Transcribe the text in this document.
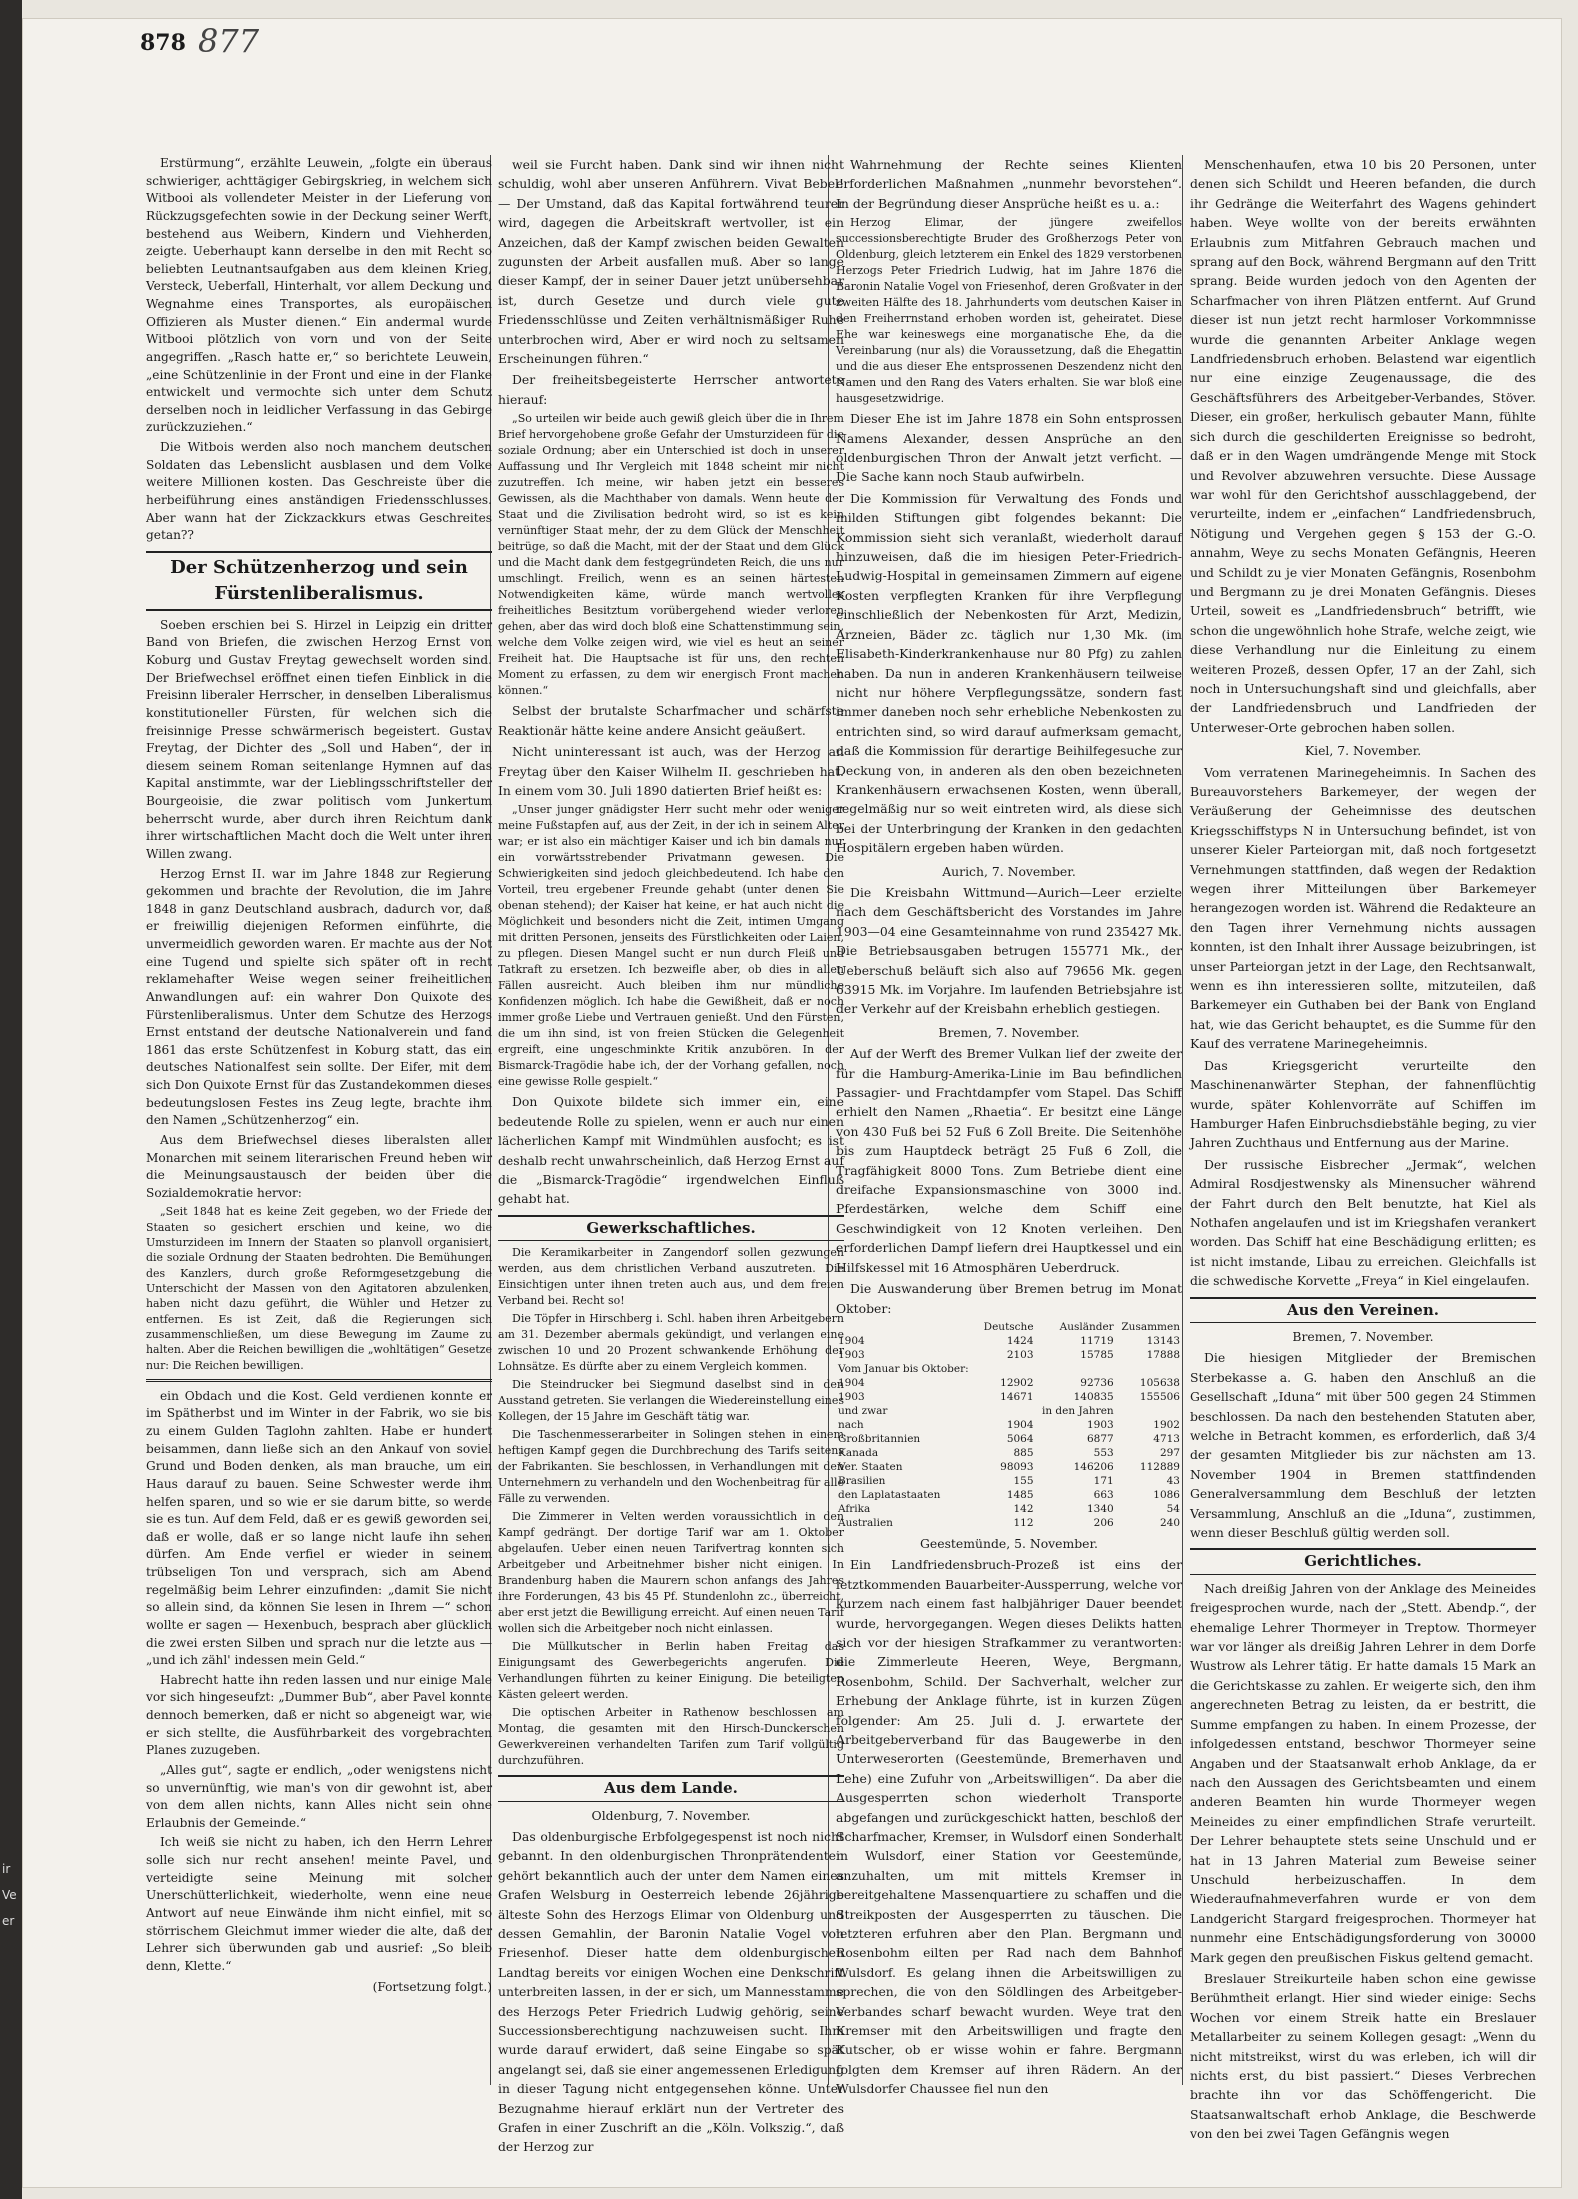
ir
Ve
er
878 877

Erstürmung“, erzählte Leuwein, „folgte ein überaus schwieriger, achttägiger Gebirgskrieg, in welchem sich Witbooi als vollendeter Meister in der Lieferung von Rückzugsgefechten sowie in der Deckung seiner Werft, bestehend aus Weibern, Kindern und Viehherden, zeigte. Ueberhaupt kann derselbe in den mit Recht so beliebten Leutnantsaufgaben aus dem kleinen Krieg, Versteck, Ueberfall, Hinterhalt, vor allem Deckung und Wegnahme eines Transportes, als europäischen Offizieren als Muster dienen.“ Ein andermal wurde Witbooi plötzlich von vorn und von der Seite angegriffen. „Rasch hatte er,“ so berichtete Leuwein, „eine Schützenlinie in der Front und eine in der Flanke entwickelt und vermochte sich unter dem Schutz derselben noch in leidlicher Verfassung in das Gebirge zurückzuziehen.“

Die Witbois werden also noch manchem deutschen Soldaten das Lebenslicht ausblasen und dem Volke weitere Millionen kosten. Das Geschreiste über die herbeiführung eines anständigen Friedensschlusses. Aber wann hat der Zickzackkurs etwas Geschreites getan??

Der Schützenherzog und sein Fürstenliberalismus.

Soeben erschien bei S. Hirzel in Leipzig ein dritter Band von Briefen, die zwischen Herzog Ernst von Koburg und Gustav Freytag gewechselt worden sind. Der Briefwechsel eröffnet einen tiefen Einblick in die Freisinn liberaler Herrscher, in denselben Liberalismus konstitutioneller Fürsten, für welchen sich die freisinnige Presse schwärmerisch begeistert. Gustav Freytag, der Dichter des „Soll und Haben“, der in diesem seinem Roman seitenlange Hymnen auf das Kapital anstimmte, war der Lieblingsschriftsteller der Bourgeoisie, die zwar politisch vom Junkertum beherrscht wurde, aber durch ihren Reichtum dank ihrer wirtschaftlichen Macht doch die Welt unter ihren Willen zwang.

Herzog Ernst II. war im Jahre 1848 zur Regierung gekommen und brachte der Revolution, die im Jahre 1848 in ganz Deutschland ausbrach, dadurch vor, daß er freiwillig diejenigen Reformen einführte, die unvermeidlich geworden waren. Er machte aus der Not eine Tugend und spielte sich später oft in recht reklamehafter Weise wegen seiner freiheitlichen Anwandlungen auf: ein wahrer Don Quixote des Fürstenliberalismus. Unter dem Schutze des Herzogs Ernst entstand der deutsche Nationalverein und fand 1861 das erste Schützenfest in Koburg statt, das ein deutsches Nationalfest sein sollte. Der Eifer, mit dem sich Don Quixote Ernst für das Zustandekommen dieses bedeutungslosen Festes ins Zeug legte, brachte ihm den Namen „Schützenherzog“ ein.

Aus dem Briefwechsel dieses liberalsten aller Monarchen mit seinem literarischen Freund heben wir die Meinungsaustausch der beiden über die Sozialdemokratie hervor:

„Seit 1848 hat es keine Zeit gegeben, wo der Friede der Staaten so gesichert erschien und keine, wo die Umsturzideen im Innern der Staaten so planvoll organisiert, die soziale Ordnung der Staaten bedrohten. Die Bemühungen des Kanzlers, durch große Reformgesetzgebung die Unterschicht der Massen von den Agitatoren abzulenken, haben nicht dazu geführt, die Wühler und Hetzer zu entfernen. Es ist Zeit, daß die Regierungen sich zusammenschließen, um diese Bewegung im Zaume zu halten. Aber die Reichen bewilligen die „wohltätigen“ Gesetze nur: Die Reichen bewilligen.

ein Obdach und die Kost. Geld verdienen konnte er im Spätherbst und im Winter in der Fabrik, wo sie bis zu einem Gulden Taglohn zahlten. Habe er hundert beisammen, dann ließe sich an den Ankauf von soviel Grund und Boden denken, als man brauche, um ein Haus darauf zu bauen. Seine Schwester werde ihm helfen sparen, und so wie er sie darum bitte, so werde sie es tun. Auf dem Feld, daß er es gewiß geworden sei, daß er wolle, daß er so lange nicht laufe ihn sehen dürfen. Am Ende verfiel er wieder in seinem trübseligen Ton und versprach, sich am Abend regelmäßig beim Lehrer einzufinden: „damit Sie nicht so allein sind, da können Sie lesen in Ihrem —“ schon wollte er sagen — Hexenbuch, besprach aber glücklich die zwei ersten Silben und sprach nur die letzte aus — „und ich zähl' indessen mein Geld.“

Habrecht hatte ihn reden lassen und nur einige Male vor sich hingeseufzt: „Dummer Bub“, aber Pavel konnte dennoch bemerken, daß er nicht so abgeneigt war, wie er sich stellte, die Ausführbarkeit des vorgebrachten Planes zuzugeben.

„Alles gut“, sagte er endlich, „oder wenigstens nicht so unvernünftig, wie man's von dir gewohnt ist, aber von dem allen nichts, kann Alles nicht sein ohne Erlaubnis der Gemeinde.“

Ich weiß sie nicht zu haben, ich den Herrn Lehrer solle sich nur recht ansehen! meinte Pavel, und verteidigte seine Meinung mit solcher Unerschütterlichkeit, wiederholte, wenn eine neue Antwort auf neue Einwände ihm nicht einfiel, mit so störrischem Gleichmut immer wieder die alte, daß der Lehrer sich überwunden gab und ausrief: „So bleib denn, Klette.“

(Fortsetzung folgt.)

weil sie Furcht haben. Dank sind wir ihnen nicht schuldig, wohl aber unseren Anführern. Vivat Bebel! — Der Umstand, daß das Kapital fortwährend teurer wird, dagegen die Arbeitskraft wertvoller, ist ein Anzeichen, daß der Kampf zwischen beiden Gewalten zugunsten der Arbeit ausfallen muß. Aber so lange dieser Kampf, der in seiner Dauer jetzt unübersehbar ist, durch Gesetze und durch viele gute Friedensschlüsse und Zeiten verhältnismäßiger Ruhe unterbrochen wird, Aber er wird noch zu seltsamen Erscheinungen führen.“

Der freiheitsbegeisterte Herrscher antwortete hierauf:

„So urteilen wir beide auch gewiß gleich über die in Ihrem Brief hervorgehobene große Gefahr der Umsturzideen für die soziale Ordnung; aber ein Unterschied ist doch in unserer Auffassung und Ihr Vergleich mit 1848 scheint mir nicht zuzutreffen. Ich meine, wir haben jetzt ein besseres Gewissen, als die Machthaber von damals. Wenn heute der Staat und die Zivilisation bedroht wird, so ist es kein vernünftiger Staat mehr, der zu dem Glück der Menschheit beitrüge, so daß die Macht, mit der der Staat und dem Glück und die Macht dank dem festgegründeten Reich, die uns nur umschlingt. Freilich, wenn es an seinen härtesten Notwendigkeiten käme, würde manch wertvolles freiheitliches Besitztum vorübergehend wieder verloren gehen, aber das wird doch bloß eine Schattenstimmung sein, welche dem Volke zeigen wird, wie viel es heut an seiner Freiheit hat. Die Hauptsache ist für uns, den rechten Moment zu erfassen, zu dem wir energisch Front machen können.“

Selbst der brutalste Scharfmacher und schärfste Reaktionär hätte keine andere Ansicht geäußert.

Nicht uninteressant ist auch, was der Herzog an Freytag über den Kaiser Wilhelm II. geschrieben hat. In einem vom 30. Juli 1890 datierten Brief heißt es:

„Unser junger gnädigster Herr sucht mehr oder weniger meine Fußstapfen auf, aus der Zeit, in der ich in seinem Alter war; er ist also ein mächtiger Kaiser und ich bin damals nur ein vorwärtsstrebender Privatmann gewesen. Die Schwierigkeiten sind jedoch gleichbedeutend. Ich habe den Vorteil, treu ergebener Freunde gehabt (unter denen Sie obenan stehend); der Kaiser hat keine, er hat auch nicht die Möglichkeit und besonders nicht die Zeit, intimen Umgang mit dritten Personen, jenseits des Fürstlichkeiten oder Laien, zu pflegen. Diesen Mangel sucht er nun durch Fleiß und Tatkraft zu ersetzen. Ich bezweifle aber, ob dies in allen Fällen ausreicht. Auch bleiben ihm nur mündliche Konfidenzen möglich. Ich habe die Gewißheit, daß er noch immer große Liebe und Vertrauen genießt. Und den Fürsten, die um ihn sind, ist von freien Stücken die Gelegenheit ergreift, eine ungeschminkte Kritik anzubören. In der Bismarck-Tragödie habe ich, der der Vorhang gefallen, noch eine gewisse Rolle gespielt.“

Don Quixote bildete sich immer ein, eine bedeutende Rolle zu spielen, wenn er auch nur einen lächerlichen Kampf mit Windmühlen ausfocht; es ist deshalb recht unwahrscheinlich, daß Herzog Ernst auf die „Bismarck-Tragödie“ irgendwelchen Einfluß gehabt hat.

Gewerkschaftliches.

Die Keramikarbeiter in Zangendorf sollen gezwungen werden, aus dem christlichen Verband auszutreten. Die Einsichtigen unter ihnen treten auch aus, und dem freien Verband bei. Recht so!

Die Töpfer in Hirschberg i. Schl. haben ihren Arbeitgebern am 31. Dezember abermals gekündigt, und verlangen eine zwischen 10 und 20 Prozent schwankende Erhöhung der Lohnsätze. Es dürfte aber zu einem Vergleich kommen.

Die Steindrucker bei Siegmund daselbst sind in den Ausstand getreten. Sie verlangen die Wiedereinstellung eines Kollegen, der 15 Jahre im Geschäft tätig war.

Die Taschenmesserarbeiter in Solingen stehen in einem heftigen Kampf gegen die Durchbrechung des Tarifs seitens der Fabrikanten. Sie beschlossen, in Verhandlungen mit den Unternehmern zu verhandeln und den Wochenbeitrag für alle Fälle zu verwenden.

Die Zimmerer in Velten werden voraussichtlich in den Kampf gedrängt. Der dortige Tarif war am 1. Oktober abgelaufen. Ueber einen neuen Tarifvertrag konnten sich Arbeitgeber und Arbeitnehmer bisher nicht einigen. In Brandenburg haben die Maurern schon anfangs des Jahres ihre Forderungen, 43 bis 45 Pf. Stundenlohn zc., überreicht, aber erst jetzt die Bewilligung erreicht. Auf einen neuen Tarif wollen sich die Arbeitgeber noch nicht einlassen.

Die Müllkutscher in Berlin haben Freitag das Einigungsamt des Gewerbegerichts angerufen. Die Verhandlungen führten zu keiner Einigung. Die beteiligten Kästen geleert werden.

Die optischen Arbeiter in Rathenow beschlossen am Montag, die gesamten mit den Hirsch-Dunckerschen Gewerkvereinen verhandelten Tarifen zum Tarif vollgültig durchzuführen.

Aus dem Lande.
Oldenburg, 7. November.

Das oldenburgische Erbfolgegespenst ist noch nicht gebannt. In den oldenburgischen Thronprätendenten gehört bekanntlich auch der unter dem Namen eines Grafen Welsburg in Oesterreich lebende 26jährige älteste Sohn des Herzogs Elimar von Oldenburg und dessen Gemahlin, der Baronin Natalie Vogel von Friesenhof. Dieser hatte dem oldenburgischen Landtag bereits vor einigen Wochen eine Denkschrift unterbreiten lassen, in der er sich, um Mannesstamme des Herzogs Peter Friedrich Ludwig gehörig, seine Successionsberechtigung nachzuweisen sucht. Ihm wurde darauf erwidert, daß seine Eingabe so spät angelangt sei, daß sie einer angemessenen Erledigung in dieser Tagung nicht entgegensehen könne. Unter Bezugnahme hierauf erklärt nun der Vertreter des Grafen in einer Zuschrift an die „Köln. Volkszig.“, daß der Herzog zur

Wahrnehmung der Rechte seines Klienten erforderlichen Maßnahmen „nunmehr bevorstehen“. In der Begründung dieser Ansprüche heißt es u. a.:

Herzog Elimar, der jüngere zweifellos successionsberechtigte Bruder des Großherzogs Peter von Oldenburg, gleich letzterem ein Enkel des 1829 verstorbenen Herzogs Peter Friedrich Ludwig, hat im Jahre 1876 die Baronin Natalie Vogel von Friesenhof, deren Großvater in der zweiten Hälfte des 18. Jahrhunderts vom deutschen Kaiser in den Freiherrnstand erhoben worden ist, geheiratet. Diese Ehe war keineswegs eine morganatische Ehe, da die Vereinbarung (nur als) die Voraussetzung, daß die Ehegattin und die aus dieser Ehe entsprossenen Deszendenz nicht den Namen und den Rang des Vaters erhalten. Sie war bloß eine hausgesetzwidrige.

Dieser Ehe ist im Jahre 1878 ein Sohn entsprossen Namens Alexander, dessen Ansprüche an den oldenburgischen Thron der Anwalt jetzt verficht. — Die Sache kann noch Staub aufwirbeln.

Die Kommission für Verwaltung des Fonds und milden Stiftungen gibt folgendes bekannt: Die Kommission sieht sich veranlaßt, wiederholt darauf hinzuweisen, daß die im hiesigen Peter-Friedrich-Ludwig-Hospital in gemeinsamen Zimmern auf eigene Kosten verpflegten Kranken für ihre Verpflegung einschließlich der Nebenkosten für Arzt, Medizin, Arzneien, Bäder zc. täglich nur 1,30 Mk. (im Elisabeth-Kinderkrankenhause nur 80 Pfg) zu zahlen haben. Da nun in anderen Krankenhäusern teilweise nicht nur höhere Verpflegungssätze, sondern fast immer daneben noch sehr erhebliche Nebenkosten zu entrichten sind, so wird darauf aufmerksam gemacht, daß die Kommission für derartige Beihilfegesuche zur Deckung von, in anderen als den oben bezeichneten Krankenhäusern erwachsenen Kosten, wenn überall, regelmäßig nur so weit eintreten wird, als diese sich bei der Unterbringung der Kranken in den gedachten Hospitälern ergeben haben würden.

Aurich, 7. November.

Die Kreisbahn Wittmund—Aurich—Leer erzielte nach dem Geschäftsbericht des Vorstandes im Jahre 1903—04 eine Gesamteinnahme von rund 235427 Mk. Die Betriebsausgaben betrugen 155771 Mk., der Ueberschuß beläuft sich also auf 79656 Mk. gegen 63915 Mk. im Vorjahre. Im laufenden Betriebsjahre ist der Verkehr auf der Kreisbahn erheblich gestiegen.

Bremen, 7. November.

Auf der Werft des Bremer Vulkan lief der zweite der für die Hamburg-Amerika-Linie im Bau befindlichen Passagier- und Frachtdampfer vom Stapel. Das Schiff erhielt den Namen „Rhaetia“. Er besitzt eine Länge von 430 Fuß bei 52 Fuß 6 Zoll Breite. Die Seitenhöhe bis zum Hauptdeck beträgt 25 Fuß 6 Zoll, die Tragfähigkeit 8000 Tons. Zum Betriebe dient eine dreifache Expansionsmaschine von 3000 ind. Pferdestärken, welche dem Schiff eine Geschwindigkeit von 12 Knoten verleihen. Den erforderlichen Dampf liefern drei Hauptkessel und ein Hilfskessel mit 16 Atmosphären Ueberdruck.

Die Auswanderung über Bremen betrug im Monat Oktober:

	Deutsche	Ausländer	Zusammen
1904	1424	11719	13143
1903	2103	15785	17888
Vom Januar bis Oktober:			
1904	12902	92736	105638
1903	14671	140835	155506
und zwar		in den Jahren	
nach	1904	1903	1902
Großbritannien	5064	6877	4713
Kanada	885	553	297
Ver. Staaten	98093	146206	112889
Brasilien	155	171	43
den Laplatastaaten	1485	663	1086
Afrika	142	1340	54
Australien	112	206	240
Geestemünde, 5. November.

Ein Landfriedensbruch-Prozeß ist eins der letztkommenden Bauarbeiter-Aussperrung, welche vor kurzem nach einem fast halbjähriger Dauer beendet wurde, hervorgegangen. Wegen dieses Delikts hatten sich vor der hiesigen Strafkammer zu verantworten: die Zimmerleute Heeren, Weye, Bergmann, Rosenbohm, Schild. Der Sachverhalt, welcher zur Erhebung der Anklage führte, ist in kurzen Zügen folgender: Am 25. Juli d. J. erwartete der Arbeitgeberverband für das Baugewerbe in den Unterweserorten (Geestemünde, Bremerhaven und Lehe) eine Zufuhr von „Arbeitswilligen“. Da aber die Ausgesperrten schon wiederholt Transporte abgefangen und zurückgeschickt hatten, beschloß der Scharfmacher, Kremser, in Wulsdorf einen Sonderhalt in Wulsdorf, einer Station vor Geestemünde, anzuhalten, um mit mittels Kremser in bereitgehaltene Massenquartiere zu schaffen und die Streikposten der Ausgesperrten zu täuschen. Die letzteren erfuhren aber den Plan. Bergmann und Rosenbohm eilten per Rad nach dem Bahnhof Wulsdorf. Es gelang ihnen die Arbeitswilligen zu sprechen, die von den Söldlingen des Arbeitgeber-Verbandes scharf bewacht wurden. Weye trat den Kremser mit den Arbeitswilligen und fragte den Kutscher, ob er wisse wohin er fahre. Bergmann folgten dem Kremser auf ihren Rädern. An der Wulsdorfer Chaussee fiel nun den

Menschenhaufen, etwa 10 bis 20 Personen, unter denen sich Schildt und Heeren befanden, die durch ihr Gedränge die Weiterfahrt des Wagens gehindert haben. Weye wollte von der bereits erwähnten Erlaubnis zum Mitfahren Gebrauch machen und sprang auf den Bock, während Bergmann auf den Tritt sprang. Beide wurden jedoch von den Agenten der Scharfmacher von ihren Plätzen entfernt. Auf Grund dieser ist nun jetzt recht harmloser Vorkommnisse wurde die genannten Arbeiter Anklage wegen Landfriedensbruch erhoben. Belastend war eigentlich nur eine einzige Zeugenaussage, die des Geschäftsführers des Arbeitgeber-Verbandes, Stöver. Dieser, ein großer, herkulisch gebauter Mann, fühlte sich durch die geschilderten Ereignisse so bedroht, daß er in den Wagen umdrängende Menge mit Stock und Revolver abzuwehren versuchte. Diese Aussage war wohl für den Gerichtshof ausschlaggebend, der verurteilte, indem er „einfachen“ Landfriedensbruch, Nötigung und Vergehen gegen § 153 der G.-O. annahm, Weye zu sechs Monaten Gefängnis, Heeren und Schildt zu je vier Monaten Gefängnis, Rosenbohm und Bergmann zu je drei Monaten Gefängnis. Dieses Urteil, soweit es „Landfriedensbruch“ betrifft, wie schon die ungewöhnlich hohe Strafe, welche zeigt, wie diese Verhandlung nur die Einleitung zu einem weiteren Prozeß, dessen Opfer, 17 an der Zahl, sich noch in Untersuchungshaft sind und gleichfalls, aber der Landfriedensbruch und Landfrieden der Unterweser-Orte gebrochen haben sollen.

Kiel, 7. November.

Vom verratenen Marinegeheimnis. In Sachen des Bureauvorstehers Barkemeyer, der wegen der Veräußerung der Geheimnisse des deutschen Kriegsschiffstyps N in Untersuchung befindet, ist von unserer Kieler Parteiorgan mit, daß noch fortgesetzt Vernehmungen stattfinden, daß wegen der Redaktion wegen ihrer Mitteilungen über Barkemeyer herangezogen worden ist. Während die Redakteure an den Tagen ihrer Vernehmung nichts aussagen konnten, ist den Inhalt ihrer Aussage beizubringen, ist unser Parteiorgan jetzt in der Lage, den Rechtsanwalt, wenn es ihn interessieren sollte, mitzuteilen, daß Barkemeyer ein Guthaben bei der Bank von England hat, wie das Gericht behauptet, es die Summe für den Kauf des verratene Marinegeheimnis.

Das Kriegsgericht verurteilte den Maschinenanwärter Stephan, der fahnenflüchtig wurde, später Kohlenvorräte auf Schiffen im Hamburger Hafen Einbruchsdiebstähle beging, zu vier Jahren Zuchthaus und Entfernung aus der Marine.

Der russische Eisbrecher „Jermak“, welchen Admiral Rosdjestwensky als Minensucher während der Fahrt durch den Belt benutzte, hat Kiel als Nothafen angelaufen und ist im Kriegshafen verankert worden. Das Schiff hat eine Beschädigung erlitten; es ist nicht imstande, Libau zu erreichen. Gleichfalls ist die schwedische Korvette „Freya“ in Kiel eingelaufen.

Aus den Vereinen.
Bremen, 7. November.

Die hiesigen Mitglieder der Bremischen Sterbekasse a. G. haben den Anschluß an die Gesellschaft „Iduna“ mit über 500 gegen 24 Stimmen beschlossen. Da nach den bestehenden Statuten aber, welche in Betracht kommen, es erforderlich, daß 3/4 der gesamten Mitglieder bis zur nächsten am 13. November 1904 in Bremen stattfindenden Generalversammlung dem Beschluß der letzten Versammlung, Anschluß an die „Iduna“, zustimmen, wenn dieser Beschluß gültig werden soll.

Gerichtliches.

Nach dreißig Jahren von der Anklage des Meineides freigesprochen wurde, nach der „Stett. Abendp.“, der ehemalige Lehrer Thormeyer in Treptow. Thormeyer war vor länger als dreißig Jahren Lehrer in dem Dorfe Wustrow als Lehrer tätig. Er hatte damals 15 Mark an die Gerichtskasse zu zahlen. Er weigerte sich, den ihm angerechneten Betrag zu leisten, da er bestritt, die Summe empfangen zu haben. In einem Prozesse, der infolgedessen entstand, beschwor Thormeyer seine Angaben und der Staatsanwalt erhob Anklage, da er nach den Aussagen des Gerichtsbeamten und einem anderen Beamten hin wurde Thormeyer wegen Meineides zu einer empfindlichen Strafe verurteilt. Der Lehrer behauptete stets seine Unschuld und er hat in 13 Jahren Material zum Beweise seiner Unschuld herbeizuschaffen. In dem Wiederaufnahmeverfahren wurde er von dem Landgericht Stargard freigesprochen. Thormeyer hat nunmehr eine Entschädigungsforderung von 30000 Mark gegen den preußischen Fiskus geltend gemacht.

Breslauer Streikurteile haben schon eine gewisse Berühmtheit erlangt. Hier sind wieder einige: Sechs Wochen vor einem Streik hatte ein Breslauer Metallarbeiter zu seinem Kollegen gesagt: „Wenn du nicht mitstreikst, wirst du was erleben, ich will dir nichts erst, du bist passiert.“ Dieses Verbrechen brachte ihn vor das Schöffengericht. Die Staatsanwaltschaft erhob Anklage, die Beschwerde von den bei zwei Tagen Gefängnis wegen
